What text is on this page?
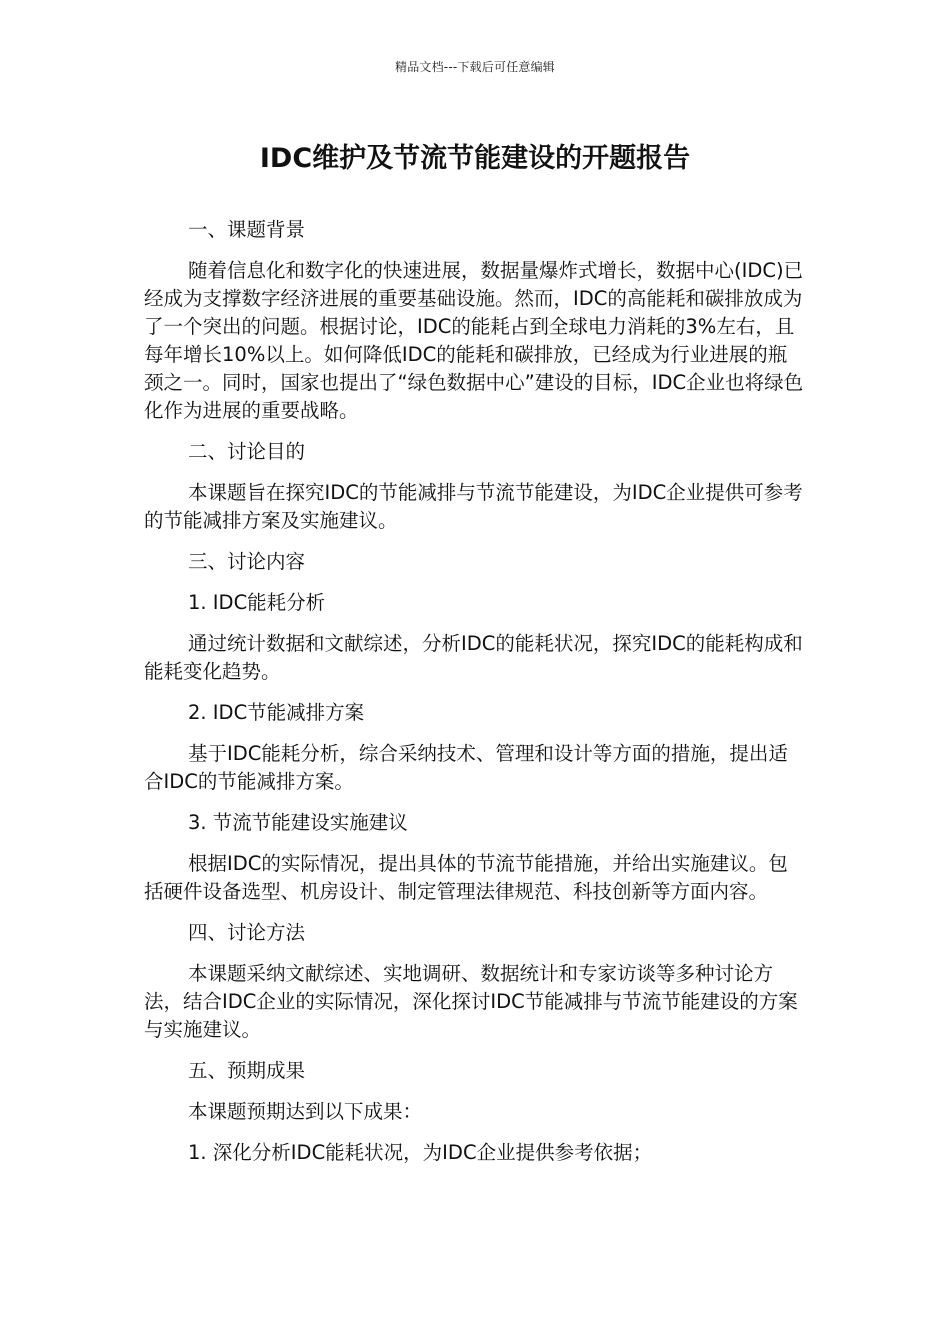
精品文档---下载后可任意编辑
IDC维护及节流节能建设的开题报告

一、课题背景

随着信息化和数字化的快速进展，数据量爆炸式增长，数据中心(IDC)已经成为支撑数字经济进展的重要基础设施。然而，IDC的高能耗和碳排放成为了一个突出的问题。根据讨论，IDC的能耗占到全球电力消耗的3%左右，且每年增长10%以上。如何降低IDC的能耗和碳排放，已经成为行业进展的瓶颈之一。同时，国家也提出了“绿色数据中心”建设的目标，IDC企业也将绿色化作为进展的重要战略。

二、讨论目的

本课题旨在探究IDC的节能减排与节流节能建设，为IDC企业提供可参考的节能减排方案及实施建议。

三、讨论内容

1. IDC能耗分析

通过统计数据和文献综述，分析IDC的能耗状况，探究IDC的能耗构成和能耗变化趋势。

2. IDC节能减排方案

基于IDC能耗分析，综合采纳技术、管理和设计等方面的措施，提出适合IDC的节能减排方案。

3. 节流节能建设实施建议

根据IDC的实际情况，提出具体的节流节能措施，并给出实施建议。包括硬件设备选型、机房设计、制定管理法律规范、科技创新等方面内容。

四、讨论方法

本课题采纳文献综述、实地调研、数据统计和专家访谈等多种讨论方法，结合IDC企业的实际情况，深化探讨IDC节能减排与节流节能建设的方案与实施建议。

五、预期成果

本课题预期达到以下成果：

1. 深化分析IDC能耗状况，为IDC企业提供参考依据；
